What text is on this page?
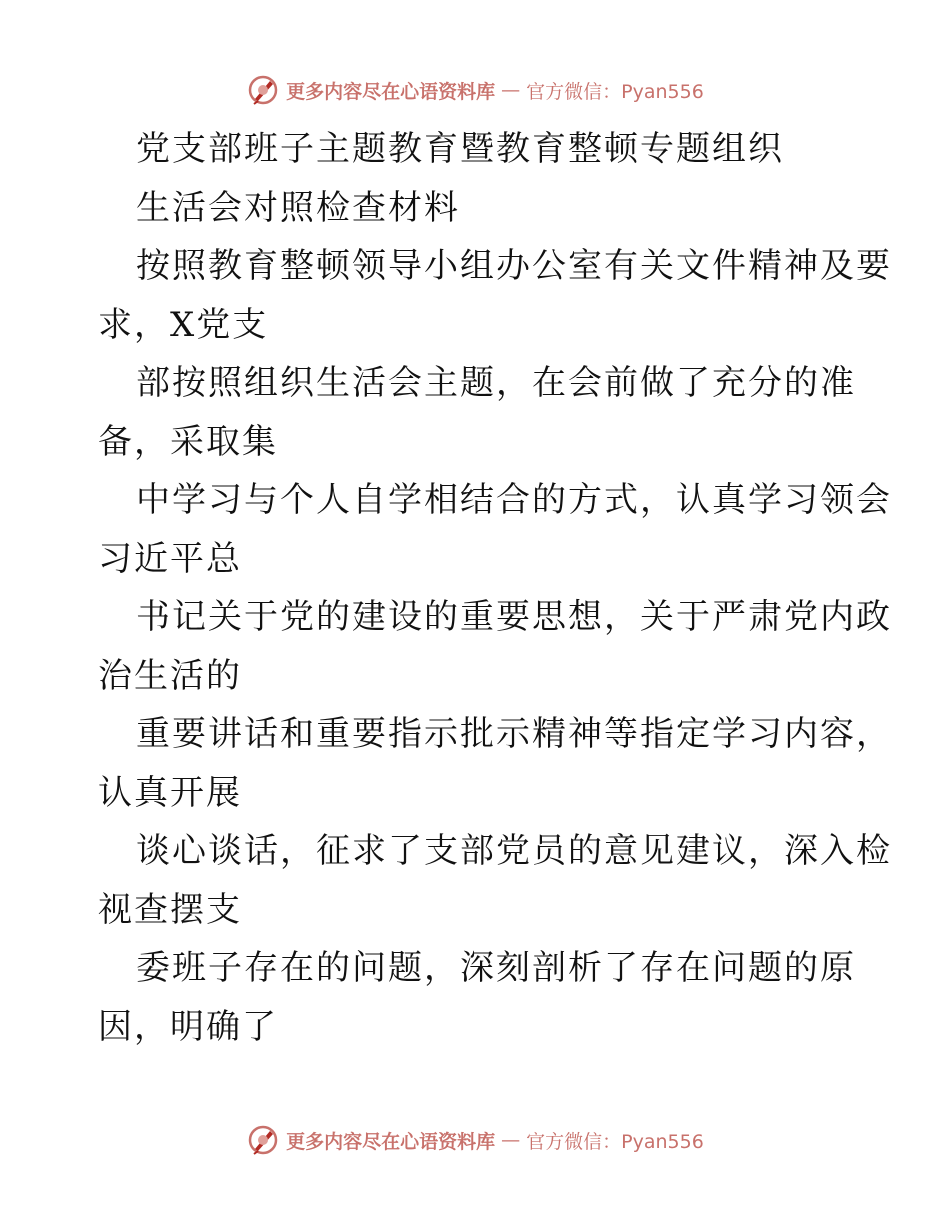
更多内容尽在心语资料库 — 官方微信：Pyan556
党支部班子主题教育暨教育整顿专题组织
生活会对照检查材料
按照教育整顿领导小组办公室有关文件精神及要
求，X党支
部按照组织生活会主题，在会前做了充分的准
备，采取集
中学习与个人自学相结合的方式，认真学习领会
习近平总
书记关于党的建设的重要思想，关于严肃党内政
治生活的
重要讲话和重要指示批示精神等指定学习内容，
认真开展
谈心谈话，征求了支部党员的意见建议，深入检
视查摆支
委班子存在的问题，深刻剖析了存在问题的原
因，明确了
更多内容尽在心语资料库 — 官方微信：Pyan556
